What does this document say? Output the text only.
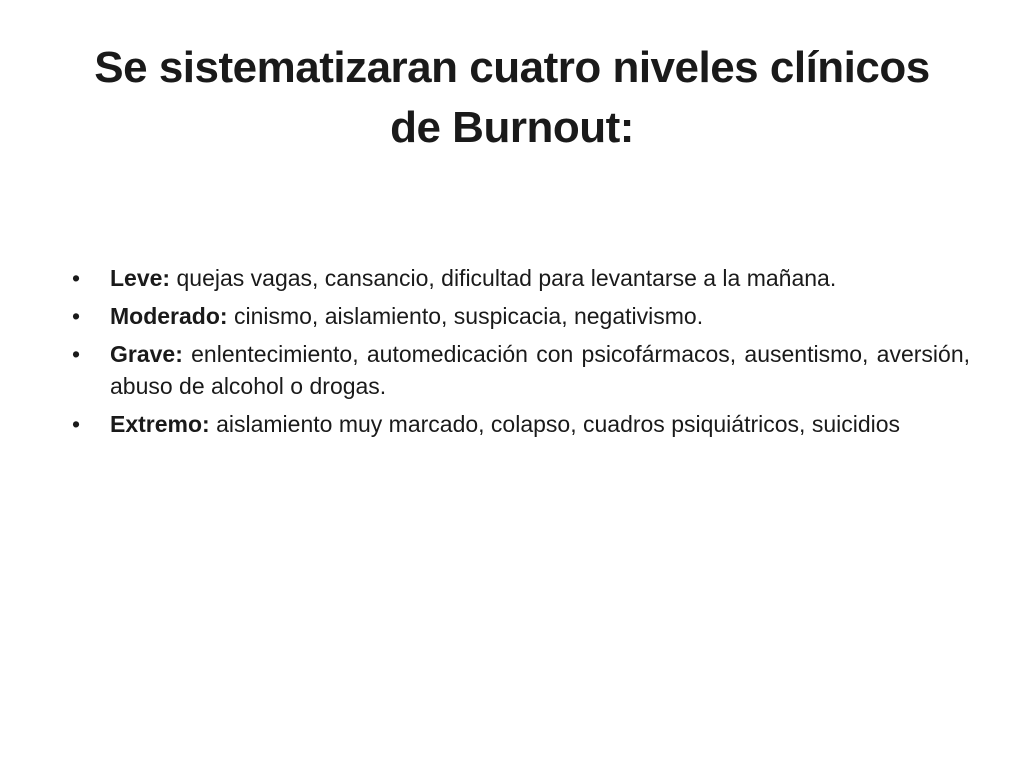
Se sistematizaran cuatro niveles clínicos
de Burnout:
•	Leve: quejas vagas, cansancio, dificultad para levantarse a la mañana.
•	Moderado: cinismo, aislamiento, suspicacia, negativismo.
•	Grave: enlentecimiento, automedicación con psicofármacos, ausentismo, aversión, abuso de alcohol o drogas.
•	Extremo: aislamiento muy marcado, colapso, cuadros psiquiátricos, suicidios
